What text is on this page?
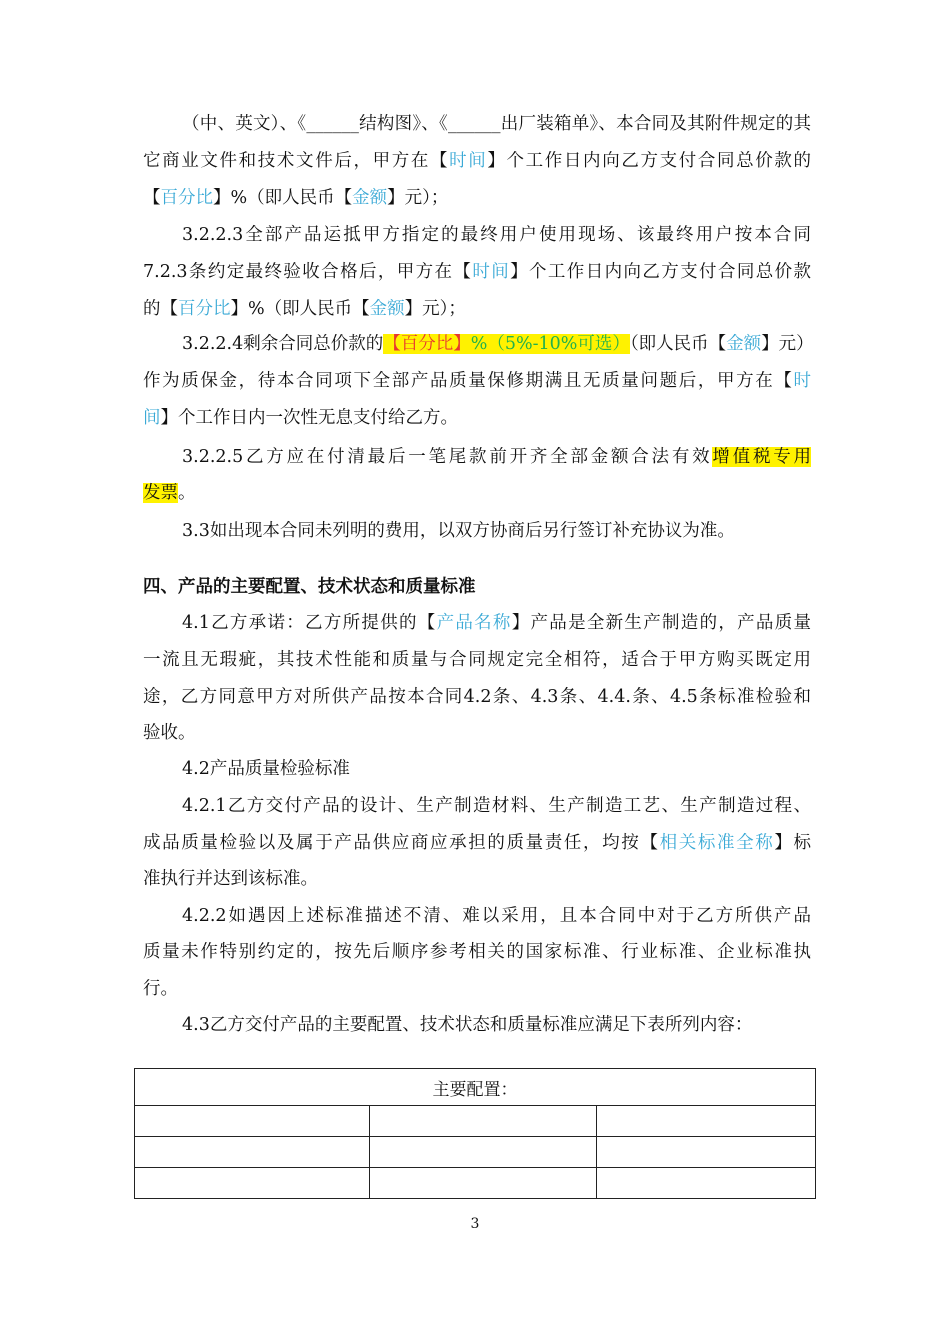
（中、英文）、《______结构图》、《______出厂装箱单》、本合同及其附件规定的其
它商业文件和技术文件后，甲方在【时间】个工作日内向乙方支付合同总价款的
【百分比】%（即人民币【金额】元）；
3.2.2.3全部产品运抵甲方指定的最终用户使用现场、该最终用户按本合同
7.2.3条约定最终验收合格后，甲方在【时间】个工作日内向乙方支付合同总价款
的【百分比】%（即人民币【金额】元）；
3.2.2.4剩余合同总价款的【百分比】%（5%-10%可选）（即人民币【金额】元）
作为质保金，待本合同项下全部产品质量保修期满且无质量问题后，甲方在【时
间】个工作日内一次性无息支付给乙方。
3.2.2.5乙方应在付清最后一笔尾款前开齐全部金额合法有效增值税专用
发票。
3.3如出现本合同未列明的费用，以双方协商后另行签订补充协议为准。
四、产品的主要配置、技术状态和质量标准
4.1乙方承诺：乙方所提供的【产品名称】产品是全新生产制造的，产品质量
一流且无瑕疵，其技术性能和质量与合同规定完全相符，适合于甲方购买既定用
途，乙方同意甲方对所供产品按本合同4.2条、4.3条、4.4.条、4.5条标准检验和
验收。
4.2产品质量检验标准
4.2.1乙方交付产品的设计、生产制造材料、生产制造工艺、生产制造过程、
成品质量检验以及属于产品供应商应承担的质量责任，均按【相关标准全称】标
准执行并达到该标准。
4.2.2如遇因上述标准描述不清、难以采用，且本合同中对于乙方所供产品
质量未作特别约定的，按先后顺序参考相关的国家标准、行业标准、企业标准执
行。
4.3乙方交付产品的主要配置、技术状态和质量标准应满足下表所列内容：
主要配置：		

3
